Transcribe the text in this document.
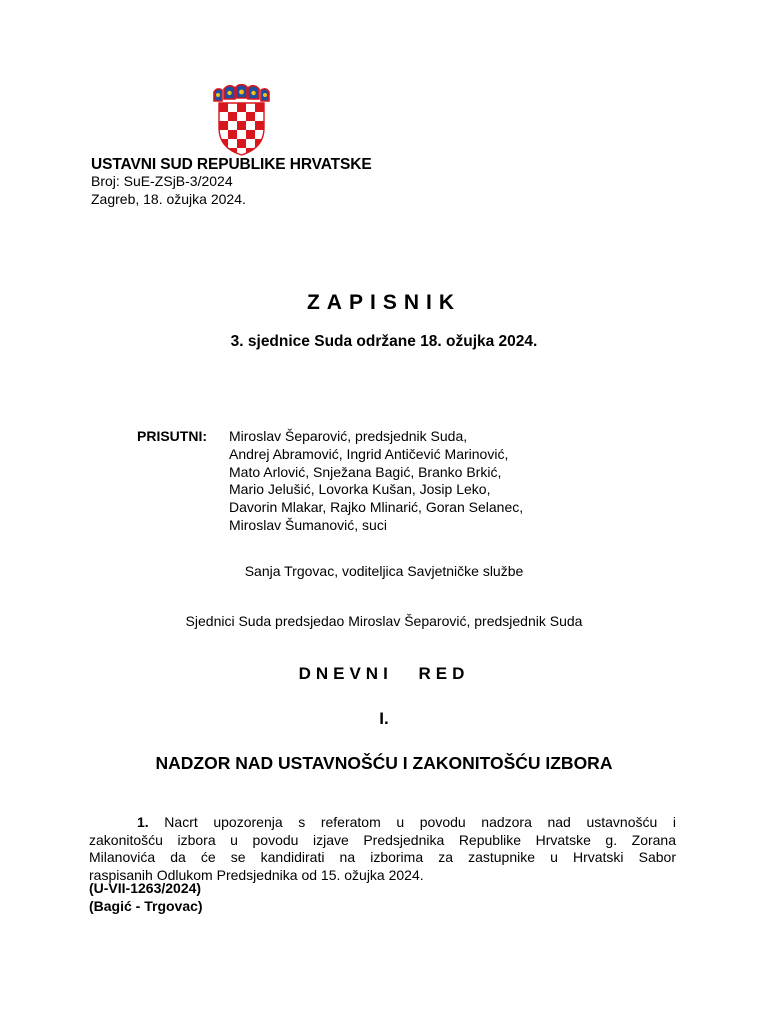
USTAVNI SUD REPUBLIKE HRVATSKE
Broj: SuE-ZSjB-3/2024
Zagreb, 18. ožujka 2024.
ZAPISNIK
3. sjednice Suda održane 18. ožujka 2024.
PRISUTNI: Miroslav Šeparović, predsjednik Suda,
Andrej Abramović, Ingrid Antičević Marinović,
Mato Arlović, Snježana Bagić, Branko Brkić,
Mario Jelušić, Lovorka Kušan, Josip Leko,
Davorin Mlakar, Rajko Mlinarić, Goran Selanec,
Miroslav Šumanović, suci
Sanja Trgovac, voditeljica Savjetničke službe
Sjednici Suda predsjedao Miroslav Šeparović, predsjednik Suda
DNEVNI RED
I.
NADZOR NAD USTAVNOŠĆU I ZAKONITOŠĆU IZBORA
1. Nacrt upozorenja s referatom u povodu nadzora nad ustavnošću i
zakonitošću izbora u povodu izjave Predsjednika Republike Hrvatske g. Zorana
Milanovića da će se kandidirati na izborima za zastupnike u Hrvatski Sabor
raspisanih Odlukom Predsjednika od 15. ožujka 2024.
(U-VII-1263/2024)
(Bagić - Trgovac)
